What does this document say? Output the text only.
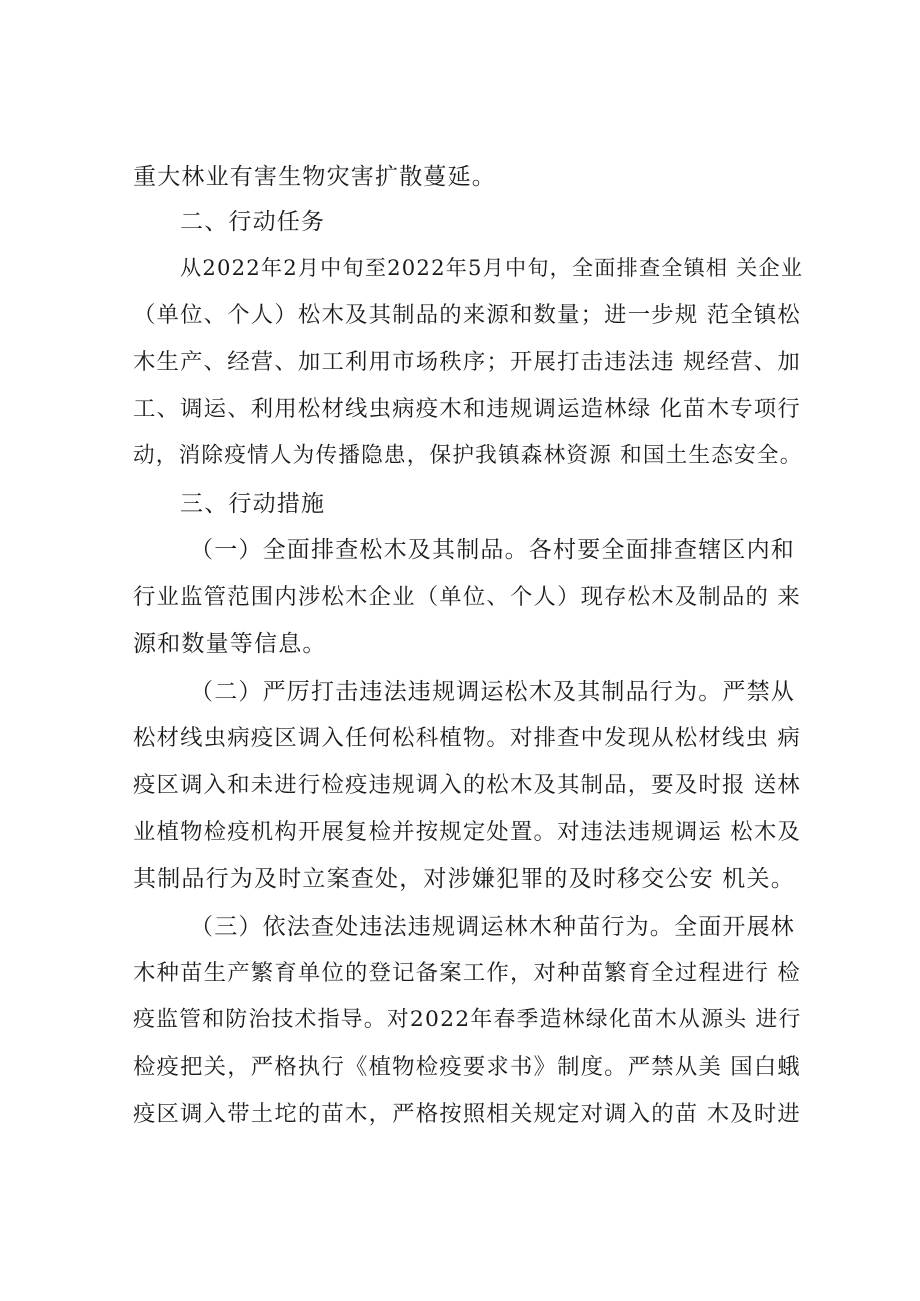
重大林业有害生物灾害扩散蔓延。
二、行动任务
从2022年2月中旬至2022年5月中旬，全面排查全镇相 关企业
（单位、个人）松木及其制品的来源和数量；进一步规 范全镇松
木生产、经营、加工利用市场秩序；开展打击违法违 规经营、加
工、调运、利用松材线虫病疫木和违规调运造林绿 化苗木专项行
动，消除疫情人为传播隐患，保护我镇森林资源 和国土生态安全。
三、行动措施
（一）全面排查松木及其制品。各村要全面排查辖区内和
行业监管范围内涉松木企业（单位、个人）现存松木及制品的 来
源和数量等信息。
（二）严厉打击违法违规调运松木及其制品行为。严禁从
松材线虫病疫区调入任何松科植物。对排查中发现从松材线虫 病
疫区调入和未进行检疫违规调入的松木及其制品，要及时报 送林
业植物检疫机构开展复检并按规定处置。对违法违规调运 松木及
其制品行为及时立案查处，对涉嫌犯罪的及时移交公安 机关。
（三）依法查处违法违规调运林木种苗行为。全面开展林
木种苗生产繁育单位的登记备案工作，对种苗繁育全过程进行 检
疫监管和防治技术指导。对2022年春季造林绿化苗木从源头 进行
检疫把关，严格执行《植物检疫要求书》制度。严禁从美 国白蛾
疫区调入带土坨的苗木，严格按照相关规定对调入的苗 木及时进
